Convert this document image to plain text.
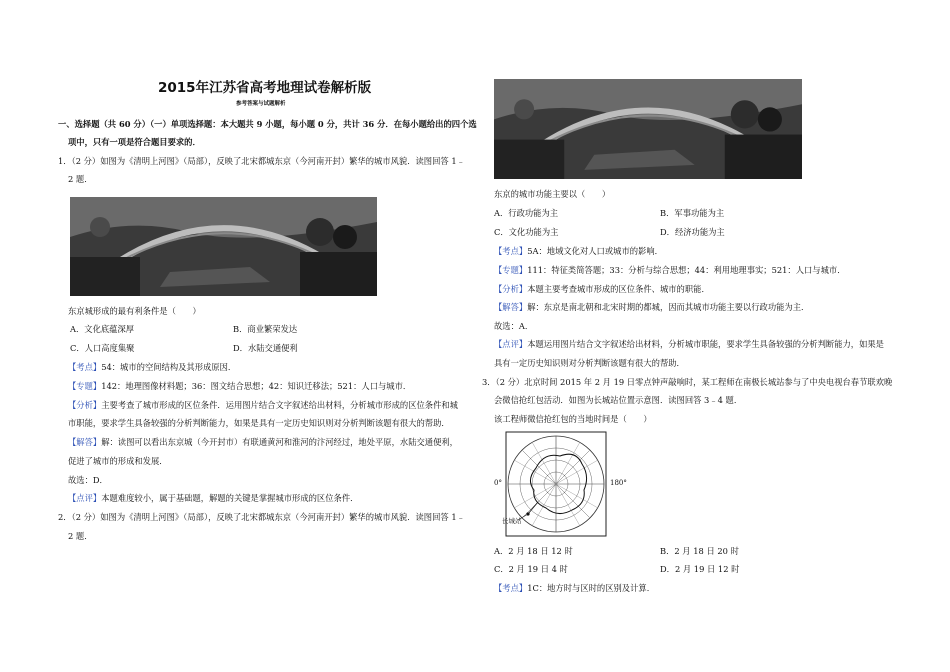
2015年江苏省高考地理试卷解析版
参考答案与试题解析
一、选择题（共 60 分）（一）单项选择题：本大题共 9 小题，每小题 0 分，共计 36 分．在每小题给出的四个选
项中，只有一项是符合题目要求的．
1．（2 分）如图为《清明上河图》（局部），反映了北宋都城东京（今河南开封）繁华的城市风貌．读图回答 1﹣
2 题．
东京城形成的最有利条件是（　　）
A．文化底蕴深厚	B．商业繁荣发达
C．人口高度集聚	D．水陆交通便利
【考点】54：城市的空间结构及其形成原因．
【专题】142：地理图像材料题；36：图文结合思想；42：知识迁移法；521：人口与城市．
【分析】主要考查了城市形成的区位条件．运用图片结合文字叙述给出材料，分析城市形成的区位条件和城
市职能，要求学生具备较强的分析判断能力，如果是具有一定历史知识则对分析判断该题有很大的帮助．
【解答】解：读图可以看出东京城（今开封市）有联通黄河和淮河的汴河经过，地处平原，水陆交通便利，
促进了城市的形成和发展．
故选：D．
【点评】本题难度较小，属于基础题，解题的关键是掌握城市形成的区位条件．
2．（2 分）如图为《清明上河图》（局部），反映了北宋都城东京（今河南开封）繁华的城市风貌．读图回答 1﹣
2 题．
东京的城市功能主要以（　　）
A．行政功能为主	B．军事功能为主
C．文化功能为主	D．经济功能为主
【考点】5A：地域文化对人口或城市的影响．
【专题】111：特征类简答题；33：分析与综合思想；44：利用地理事实；521：人口与城市．
【分析】本题主要考查城市形成的区位条件、城市的职能．
【解答】解：东京是南北朝和北宋时期的都城，因而其城市功能主要以行政功能为主．
故选：A．
【点评】本题运用图片结合文字叙述给出材料，分析城市职能，要求学生具备较强的分析判断能力，如果是
具有一定历史知识则对分析判断该题有很大的帮助．
3．（2 分）北京时间 2015 年 2 月 19 日零点钟声敲响时，某工程师在南极长城站参与了中央电视台春节联欢晚
会微信抢红包活动．如图为长城站位置示意图．读图回答 3﹣4 题．
该工程师微信抢红包的当地时间是（　　）
0°	180°
长城站
A．2 月 18 日 12 时	B．2 月 18 日 20 时
C．2 月 19 日 4 时	D．2 月 19 日 12 时
【考点】1C：地方时与区时的区别及计算．
